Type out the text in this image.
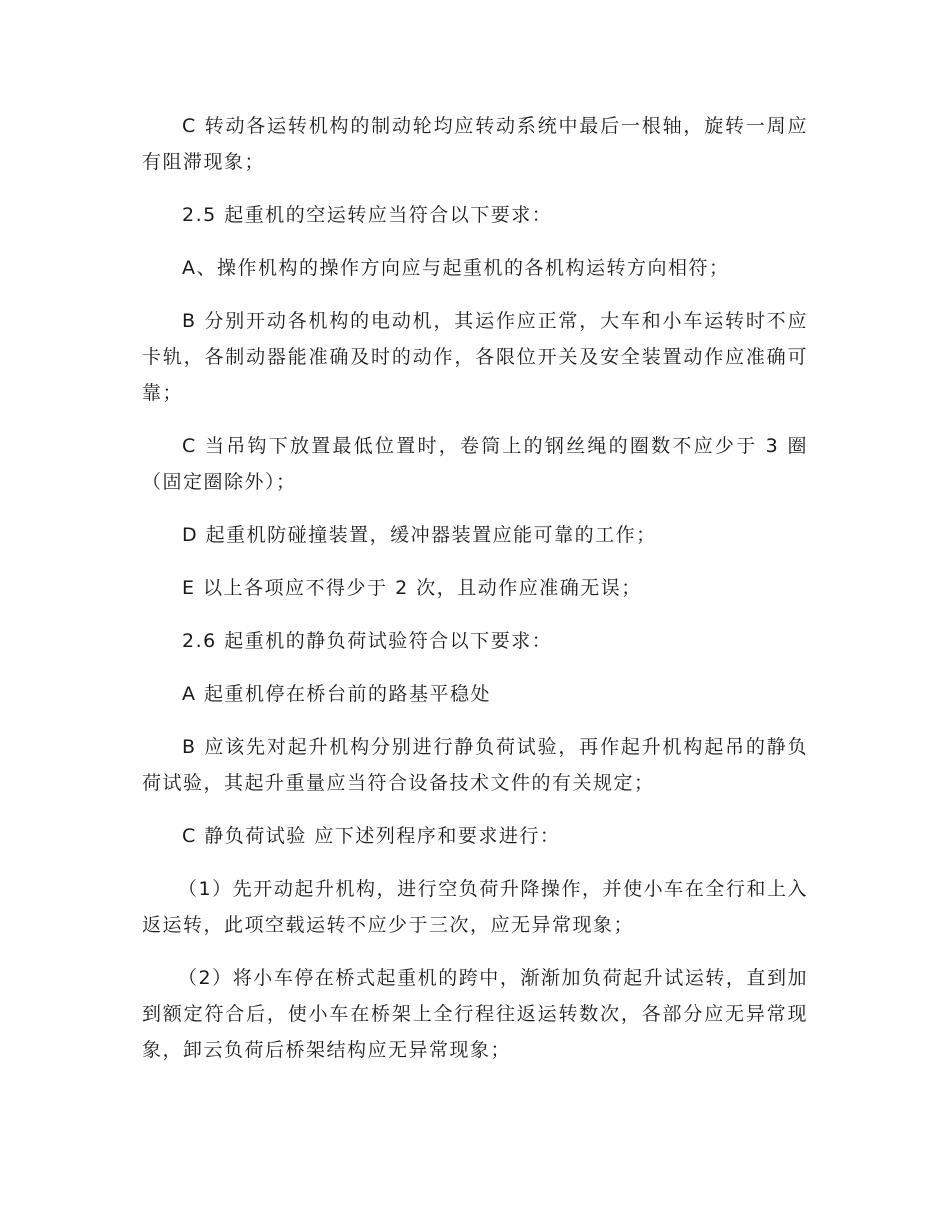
C 转动各运转机构的制动轮均应转动系统中最后一根轴，旋转一周应有阻滞现象；

2.5 起重机的空运转应当符合以下要求：

A、操作机构的操作方向应与起重机的各机构运转方向相符；

B 分别开动各机构的电动机，其运作应正常，大车和小车运转时不应卡轨，各制动器能准确及时的动作，各限位开关及安全装置动作应准确可靠；

C 当吊钩下放置最低位置时，卷筒上的钢丝绳的圈数不应少于 3 圈（固定圈除外）；

D 起重机防碰撞装置，缓冲器装置应能可靠的工作；

E 以上各项应不得少于 2 次，且动作应准确无误；

2.6 起重机的静负荷试验符合以下要求：

A 起重机停在桥台前的路基平稳处

B 应该先对起升机构分别进行静负荷试验，再作起升机构起吊的静负荷试验，其起升重量应当符合设备技术文件的有关规定；

C 静负荷试验 应下述列程序和要求进行：

（1）先开动起升机构，进行空负荷升降操作，并使小车在全行和上入返运转，此项空载运转不应少于三次，应无异常现象；

（2）将小车停在桥式起重机的跨中，渐渐加负荷起升试运转，直到加到额定符合后，使小车在桥架上全行程往返运转数次，各部分应无异常现象，卸云负荷后桥架结构应无异常现象；
